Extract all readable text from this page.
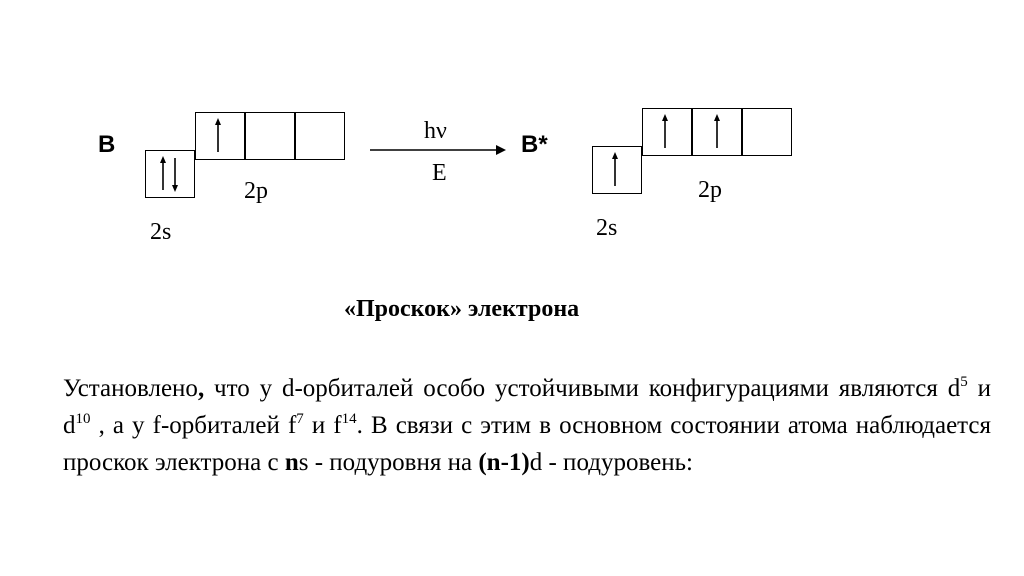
B
2p
2s
hν
E
B*
2p
2s
«Проскок» электрона

Установлено, что у d-орбиталей особо устойчивыми конфигурациями являются $d^5$ и $d^{10}$ , а у f-орбиталей $f^7$ и $f^{14}$. В связи с этим в основном состоянии атома наблюдается проскок электрона с ns - подуровня на (n-1)d - подуровень:
